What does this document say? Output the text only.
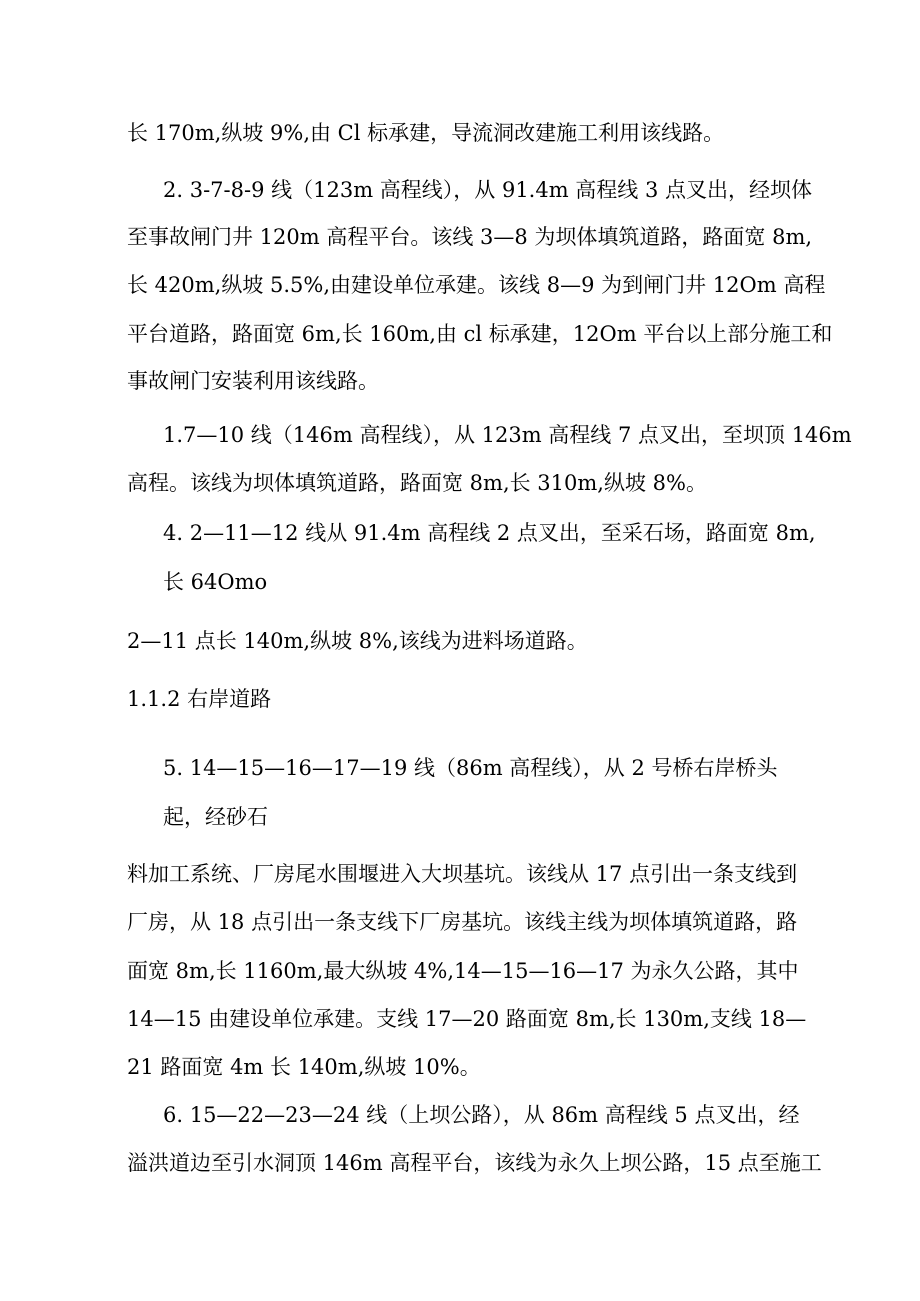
长 170m,纵坡 9%,由 Cl 标承建，导流洞改建施工利用该线路。
2. 3-7-8-9 线（123m 高程线），从 91.4m 高程线 3 点叉出，经坝体
至事故闸门井 120m 高程平台。该线 3—8 为坝体填筑道路，路面宽 8m,
长 420m,纵坡 5.5%,由建设单位承建。该线 8—9 为到闸门井 12Om 高程
平台道路，路面宽 6m,长 160m,由 cl 标承建，12Om 平台以上部分施工和
事故闸门安装利用该线路。
1.7—10 线（146m 高程线），从 123m 高程线 7 点叉出，至坝顶 146m
高程。该线为坝体填筑道路，路面宽 8m,长 310m,纵坡 8%。
4. 2—11—12 线从 91.4m 高程线 2 点叉出，至采石场，路面宽 8m,
长 64Omo
2—11 点长 140m,纵坡 8%,该线为进料场道路。
1.1.2 右岸道路
5. 14—15—16—17—19 线（86m 高程线），从 2 号桥右岸桥头
起，经砂石
料加工系统、厂房尾水围堰进入大坝基坑。该线从 17 点引出一条支线到
厂房，从 18 点引出一条支线下厂房基坑。该线主线为坝体填筑道路，路
面宽 8m,长 1160m,最大纵坡 4%,14—15—16—17 为永久公路，其中
14—15 由建设单位承建。支线 17—20 路面宽 8m,长 130m,支线 18—
21 路面宽 4m 长 140m,纵坡 10%。
6. 15—22—23—24 线（上坝公路），从 86m 高程线 5 点叉出，经
溢洪道边至引水洞顶 146m 高程平台，该线为永久上坝公路，15 点至施工
